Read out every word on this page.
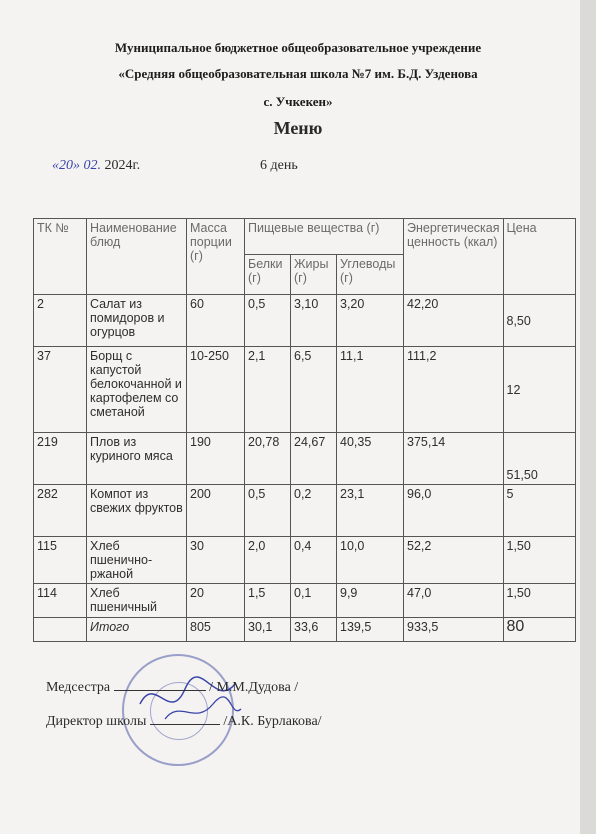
Муниципальное бюджетное общеобразовательное учреждение
«Средняя общеобразовательная школа №7 им. Б.Д. Узденова
с. Учкекен»
Меню
«20» 02. 2024г.	6 день
ТК №	Наименование блюд	Масса порции (г)	Пищевые вещества (г)			Энергетическая ценность (ккал)	Цена
			Белки (г)	Жиры (г)	Углеводы (г)		
2	Салат из помидоров и огурцов	60	0,5	3,10	3,20	42,20	8,50
37	Борщ с капустой белокочанной и картофелем со сметаной	10-250	2,1	6,5	11,1	111,2	12
219	Плов из куриного мяса	190	20,78	24,67	40,35	375,14	51,50
282	Компот из свежих фруктов	200	0,5	0,2	23,1	96,0	5
115	Хлеб пшенично-ржаной	30	2,0	0,4	10,0	52,2	1,50
114	Хлеб пшеничный	20	1,5	0,1	9,9	47,0	1,50
	Итого	805	30,1	33,6	139,5	933,5	80
Медсестра	/ М.М.Дудова /
Директор школы	/А.К. Бурлакова/
